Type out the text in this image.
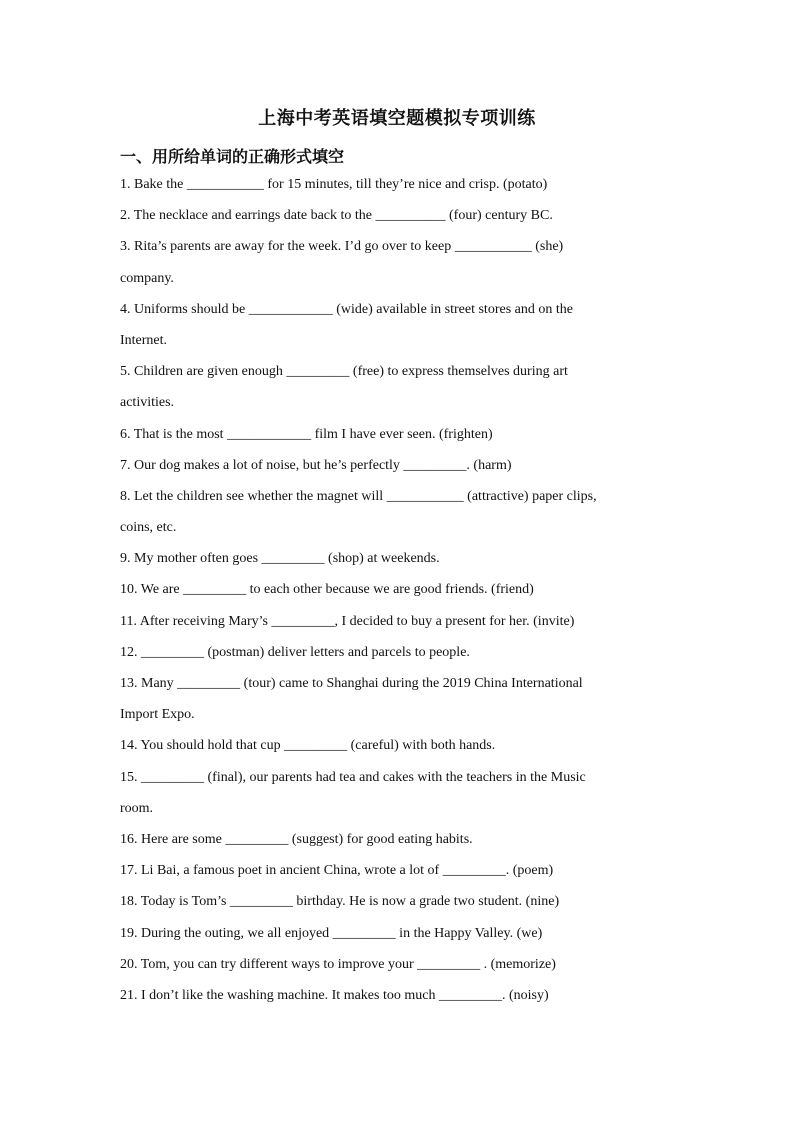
上海中考英语填空题模拟专项训练
一、用所给单词的正确形式填空
1. Bake the ___________ for 15 minutes, till they’re nice and crisp. (potato)
2. The necklace and earrings date back to the __________ (four) century BC.
3. Rita’s parents are away for the week. I’d go over to keep ___________ (she)
company.
4. Uniforms should be ____________ (wide) available in street stores and on the
Internet.
5. Children are given enough _________ (free) to express themselves during art
activities.
6. That is the most ____________ film I have ever seen. (frighten)
7. Our dog makes a lot of noise, but he’s perfectly _________. (harm)
8. Let the children see whether the magnet will ___________ (attractive) paper clips,
coins, etc.
9. My mother often goes _________ (shop) at weekends.
10. We are _________ to each other because we are good friends. (friend)
11. After receiving Mary’s _________, I decided to buy a present for her. (invite)
12. _________ (postman) deliver letters and parcels to people.
13. Many _________ (tour) came to Shanghai during the 2019 China International
Import Expo.
14. You should hold that cup _________ (careful) with both hands.
15. _________ (final), our parents had tea and cakes with the teachers in the Music
room.
16. Here are some _________ (suggest) for good eating habits.
17. Li Bai, a famous poet in ancient China, wrote a lot of _________. (poem)
18. Today is Tom’s _________ birthday. He is now a grade two student. (nine)
19. During the outing, we all enjoyed _________ in the Happy Valley. (we)
20. Tom, you can try different ways to improve your _________ . (memorize)
21. I don’t like the washing machine. It makes too much _________. (noisy)
